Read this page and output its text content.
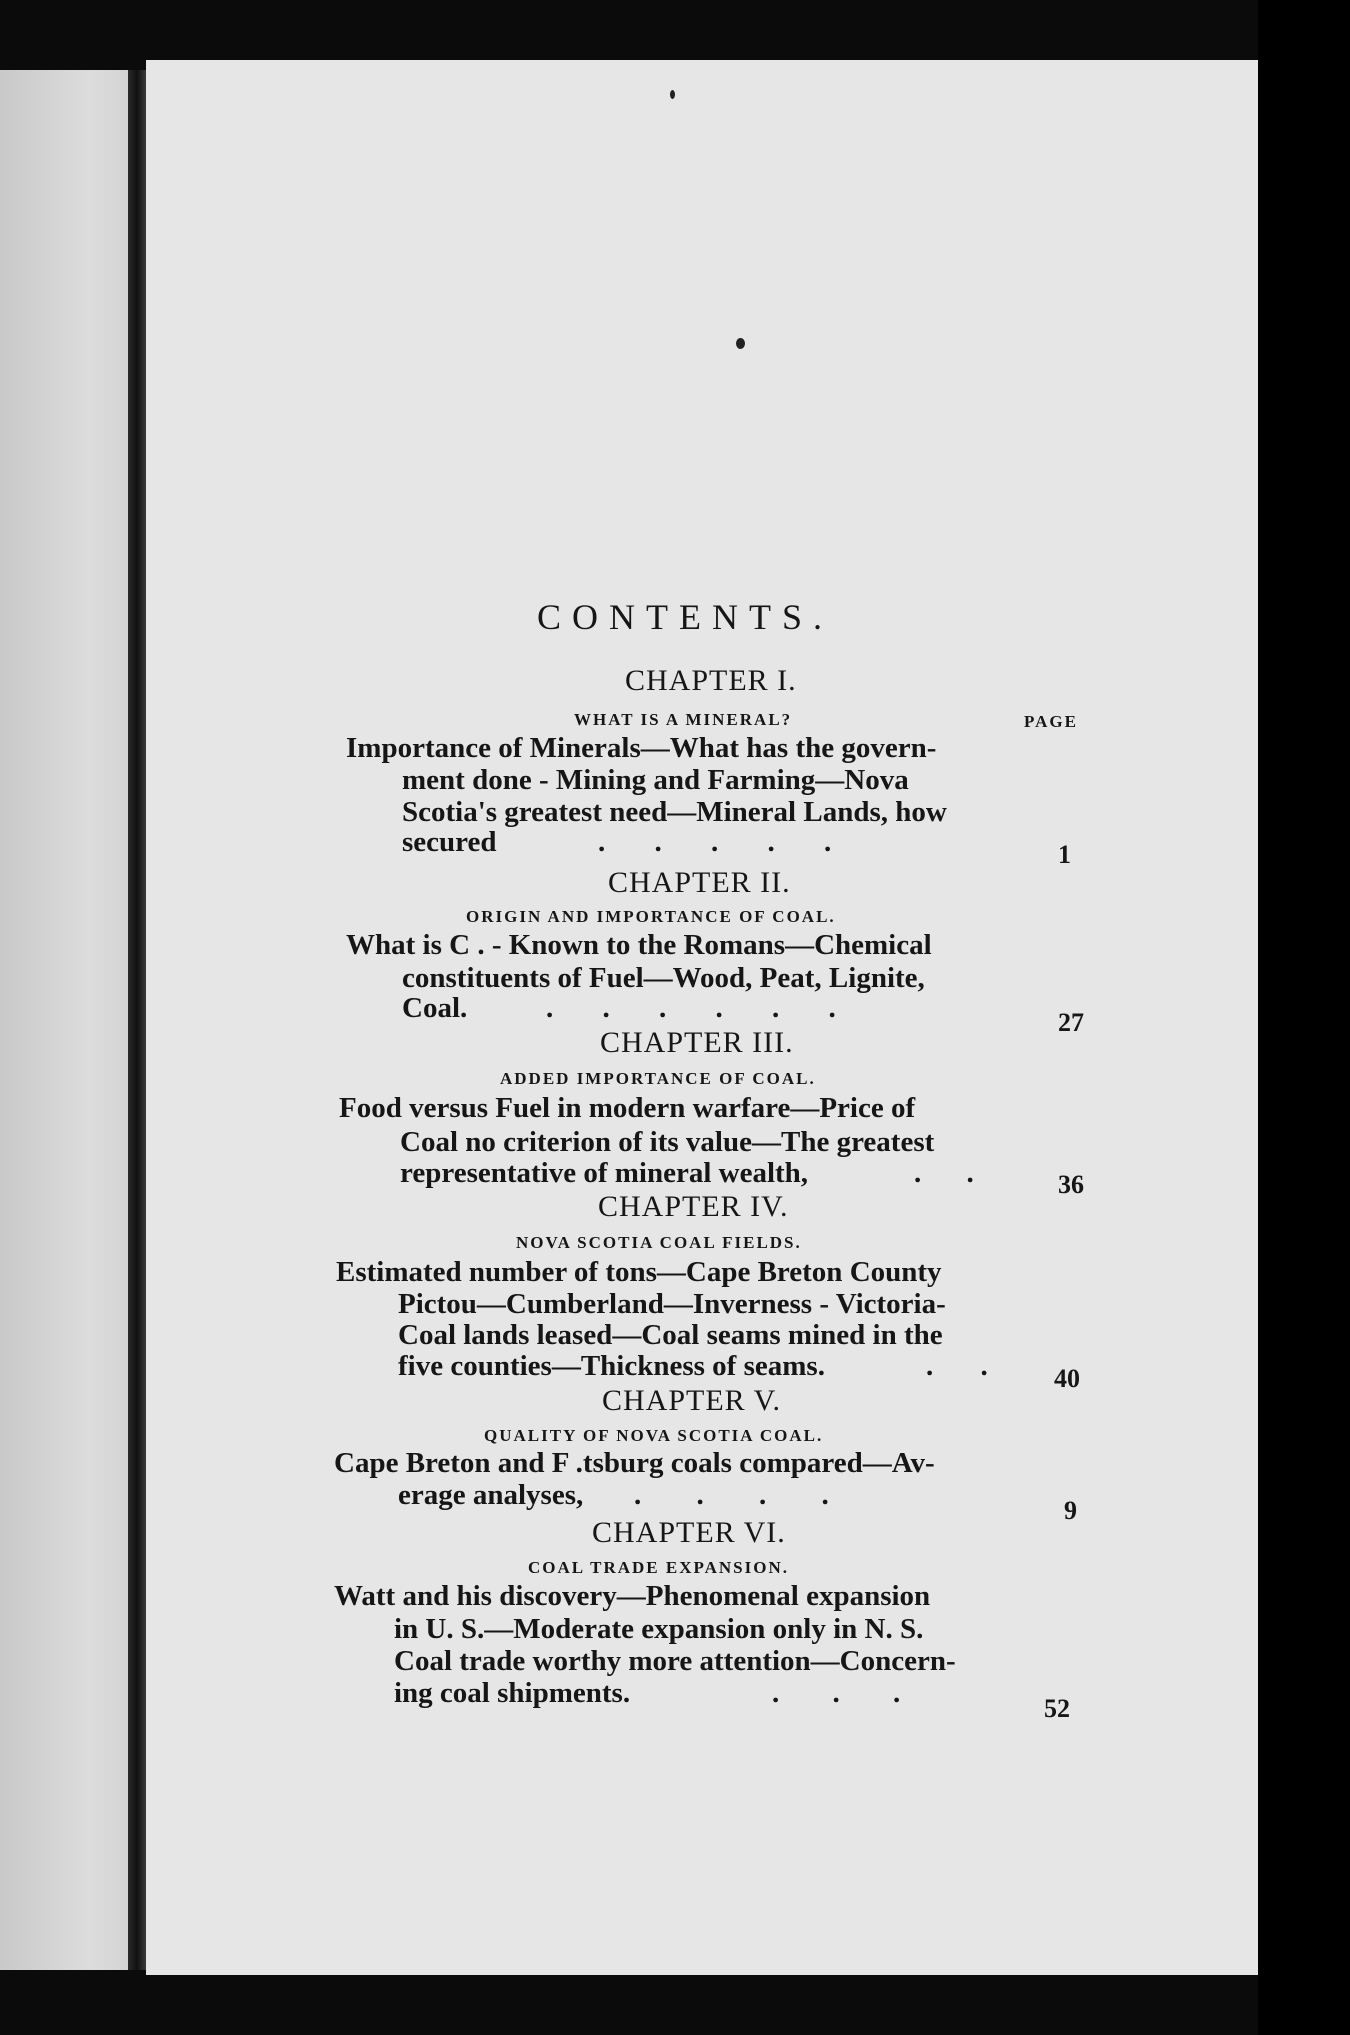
CONTENTS.
CHAPTER I.
WHAT IS A MINERAL?	PAGE
Importance of Minerals—What has the govern-
ment done - Mining and Farming—Nova
Scotia's greatest need—Mineral Lands, how
secured	. . . . .	1
CHAPTER II.
ORIGIN AND IMPORTANCE OF COAL.
What is C . - Known to the Romans—Chemical
constituents of Fuel—Wood, Peat, Lignite,
Coal.	. . . . . .	27
CHAPTER III.
ADDED IMPORTANCE OF COAL.
Food versus Fuel in modern warfare—Price of
Coal no criterion of its value—The greatest
representative of mineral wealth,	. .	36
CHAPTER IV.
NOVA SCOTIA COAL FIELDS.
Estimated number of tons—Cape Breton County
Pictou—Cumberland—Inverness - Victoria-
Coal lands leased—Coal seams mined in the
five counties—Thickness of seams.	. .	40
CHAPTER V.
QUALITY OF NOVA SCOTIA COAL.
Cape Breton and F .tsburg coals compared—Av-
erage analyses, . . . .	9
CHAPTER VI.
COAL TRADE EXPANSION.
Watt and his discovery—Phenomenal expansion
in U. S.—Moderate expansion only in N. S.
Coal trade worthy more attention—Concern-
ing coal shipments.	. . .	52
